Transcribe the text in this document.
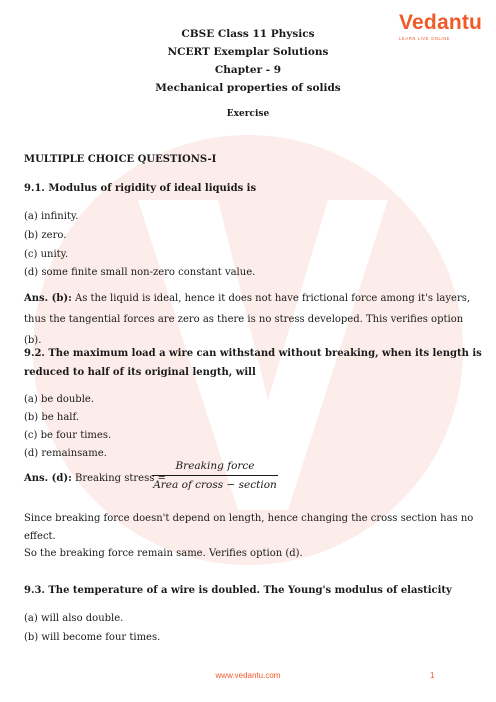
Vedantu
LEARN LIVE ONLINE
CBSE Class 11 Physics
NCERT Exemplar Solutions
Chapter - 9
Mechanical properties of solids
Exercise
MULTIPLE CHOICE QUESTIONS-I
9.1. Modulus of rigidity of ideal liquids is
(a) infinity.
(b) zero.
(c) unity.
(d) some finite small non-zero constant value.
Ans. (b): As the liquid is ideal, hence it does not have frictional force among it's layers, thus the tangential forces are zero as there is no stress developed. This verifies option (b).
9.2. The maximum load a wire can withstand without breaking, when its length is
reduced to half of its original length, will
(a) be double.
(b) be half.
(c) be four times.
(d) remainsame.
Ans. (d): Breaking stress =
Breaking force
Area of cross − section
Since breaking force doesn't depend on length, hence changing the cross section has no
effect.
So the breaking force remain same. Verifies option (d).
9.3. The temperature of a wire is doubled. The Young's modulus of elasticity
(a) will also double.
(b) will become four times.
www.vedantu.com	1
